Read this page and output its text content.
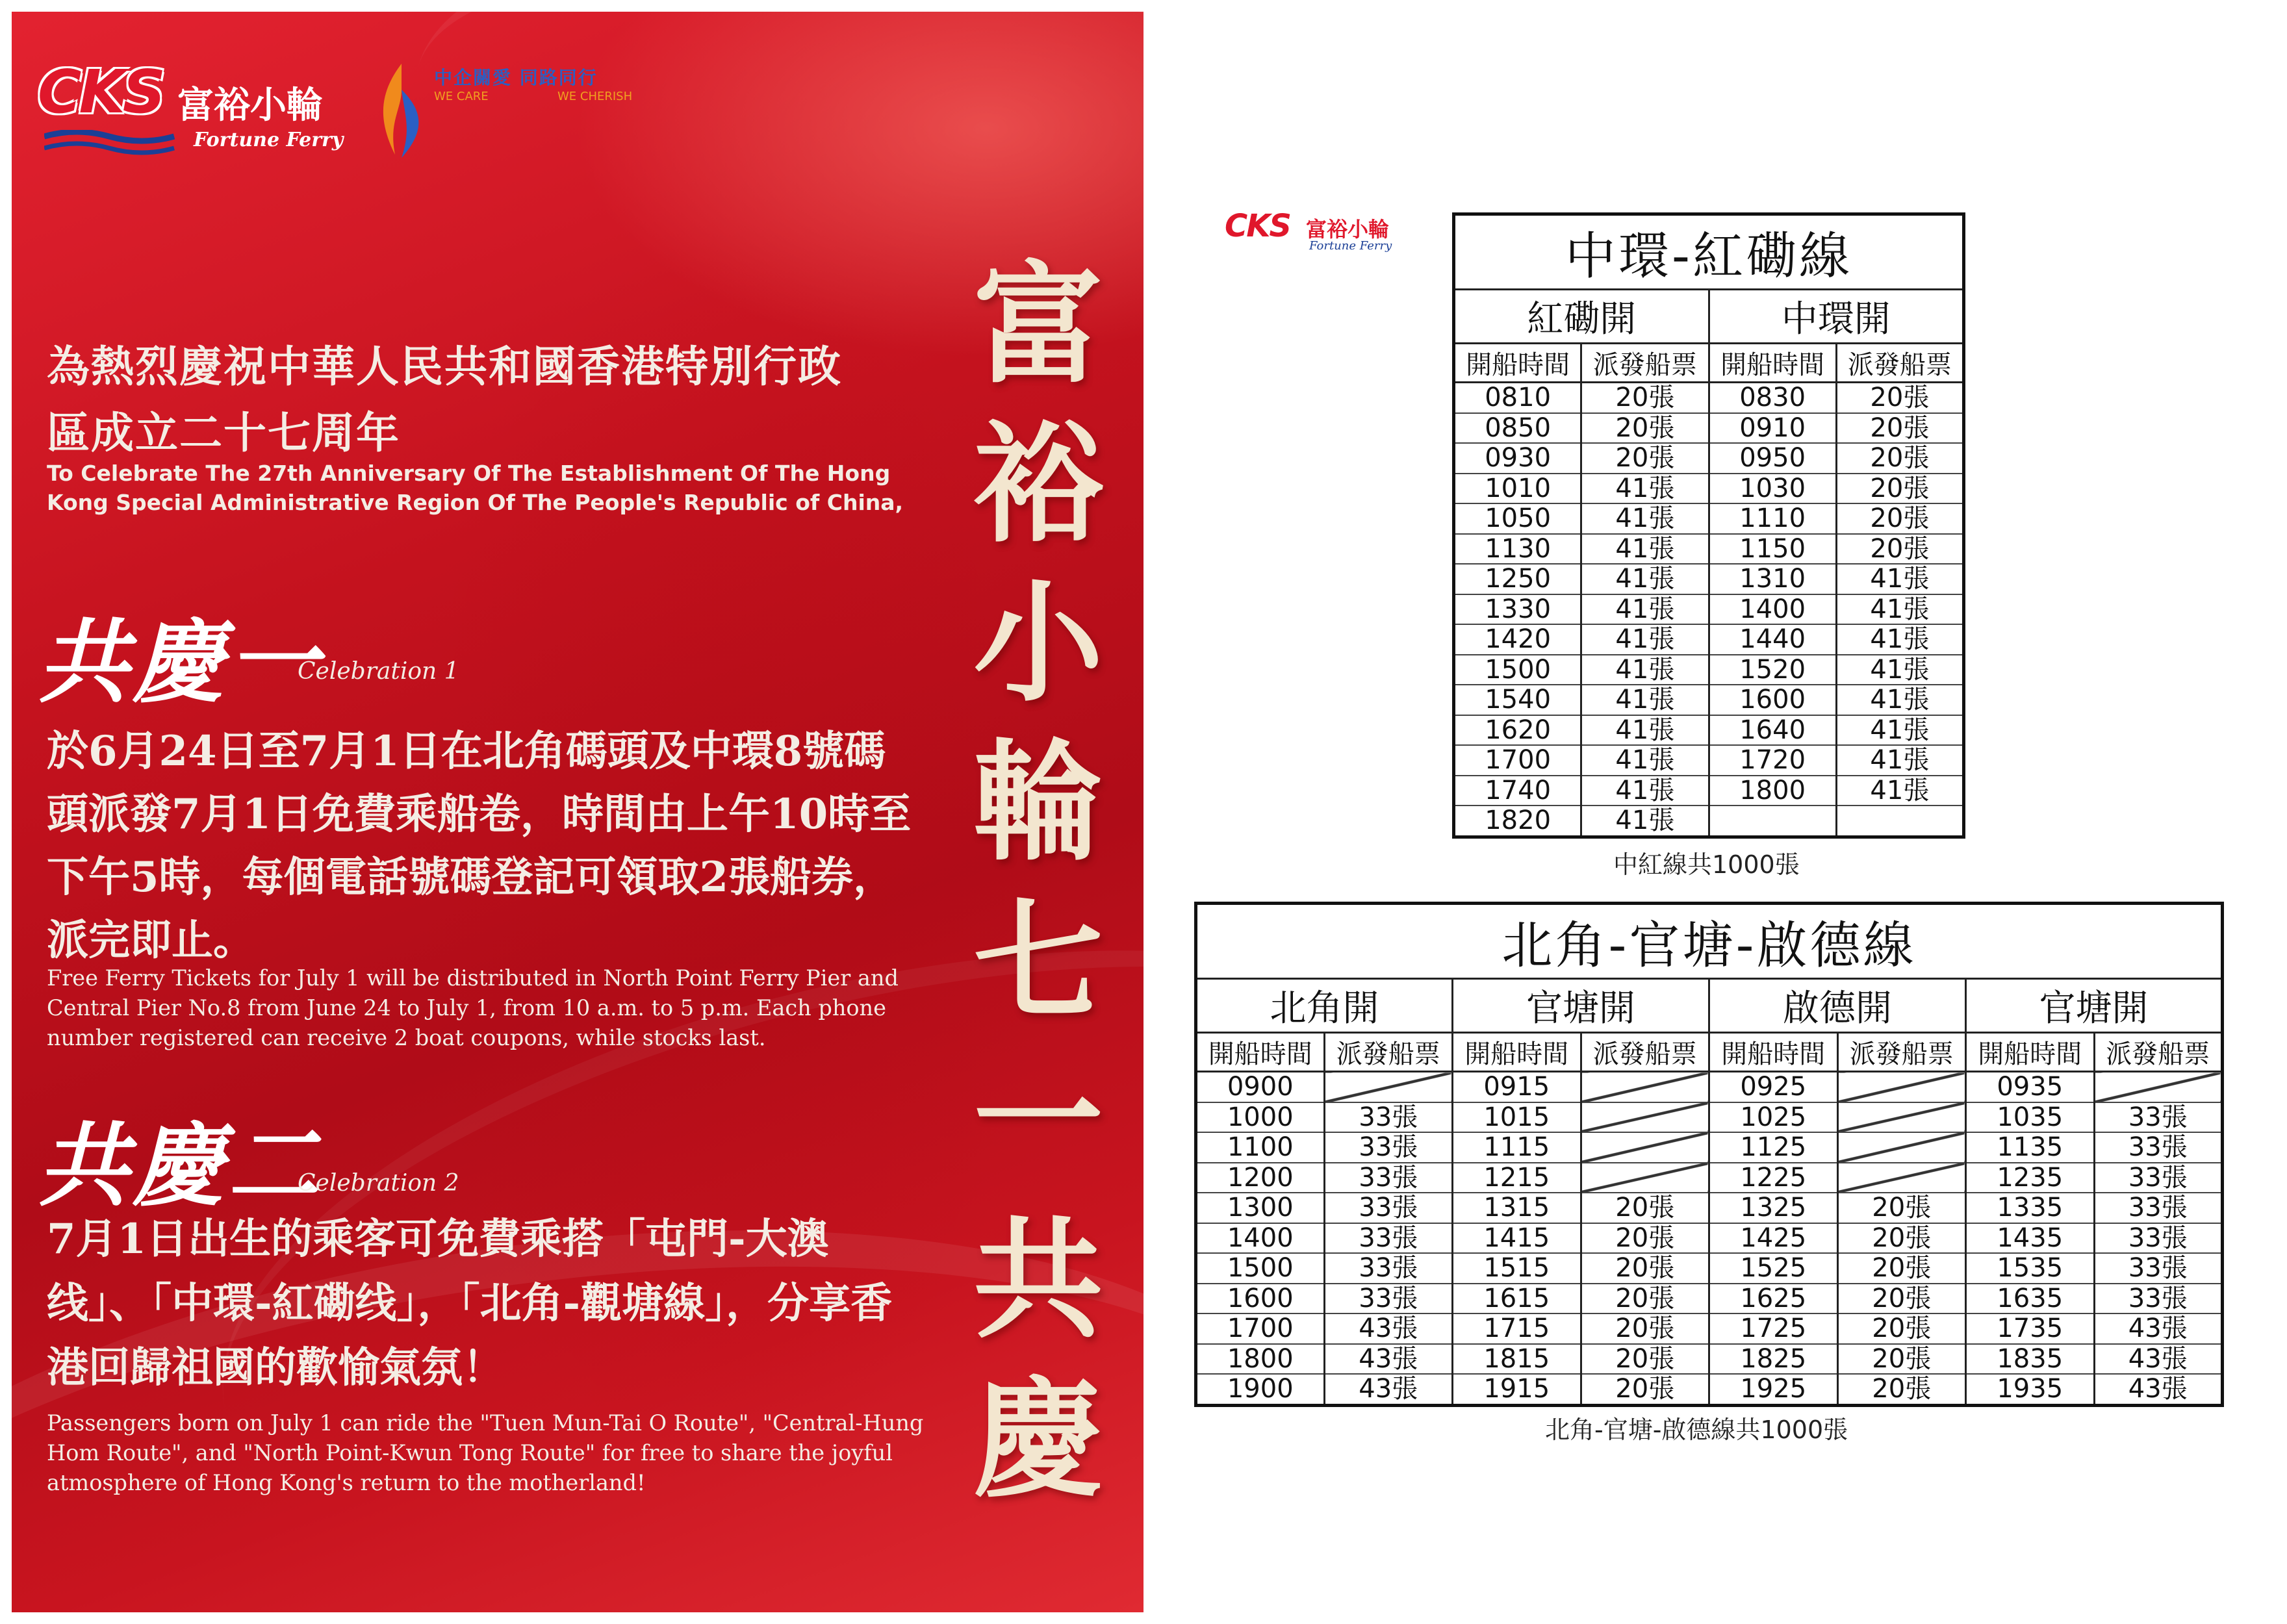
CKS 富裕小輪
Fortune Ferry
中企關愛 同路同行
WE CARE	WE CHERISH
為熱烈慶祝中華人民共和國香港特別行政區成立二十七周年
To Celebrate The 27th Anniversary Of The Establishment Of The Hong Kong Special Administrative Region Of The People's Republic of China,
共慶一
Celebration 1
於6月24日至7月1日在北角碼頭及中環8號碼頭派發7月1日免費乘船卷，時間由上午10時至下午5時，每個電話號碼登記可領取2張船券，派完即止。
Free Ferry Tickets for July 1 will be distributed in North Point Ferry Pier and Central Pier No.8 from June 24 to July 1, from 10 a.m. to 5 p.m. Each phone number registered can receive 2 boat coupons, while stocks last.
共慶二
Celebration 2
7月1日出生的乘客可免費乘搭「屯門-大澳线」、「中環-紅磡线」，「北角-觀塘線」，分享香港回歸祖國的歡愉氣氛！
Passengers born on July 1 can ride the "Tuen Mun-Tai O Route", "Central-Hung Hom Route", and "North Point-Kwun Tong Route" for free to share the joyful atmosphere of Hong Kong's return to the motherland!
富
裕
小
輪
七
一
共
慶
CKS 富裕小輪
Fortune Ferry	中環-紅磡線			
紅磡開		中環開	
開船時間	派發船票	開船時間	派發船票
0810	20張	0830	20張
0850	20張	0910	20張
0930	20張	0950	20張
1010	41張	1030	20張
1050	41張	1110	20張
1130	41張	1150	20張
1250	41張	1310	41張
1330	41張	1400	41張
1420	41張	1440	41張
1500	41張	1520	41張
1540	41張	1600	41張
1620	41張	1640	41張
1700	41張	1720	41張
1740	41張	1800	41張
1820	41張		
中紅線共1000張
北角-官塘-啟德線							
北角開		官塘開		啟德開		官塘開	
開船時間	派發船票	開船時間	派發船票	開船時間	派發船票	開船時間	派發船票
0900		0915		0925		0935	
1000	33張	1015		1025		1035	33張
1100	33張	1115		1125		1135	33張
1200	33張	1215		1225		1235	33張
1300	33張	1315	20張	1325	20張	1335	33張
1400	33張	1415	20張	1425	20張	1435	33張
1500	33張	1515	20張	1525	20張	1535	33張
1600	33張	1615	20張	1625	20張	1635	33張
1700	43張	1715	20張	1725	20張	1735	43張
1800	43張	1815	20張	1825	20張	1835	43張
1900	43張	1915	20張	1925	20張	1935	43張
北角-官塘-啟德線共1000張
